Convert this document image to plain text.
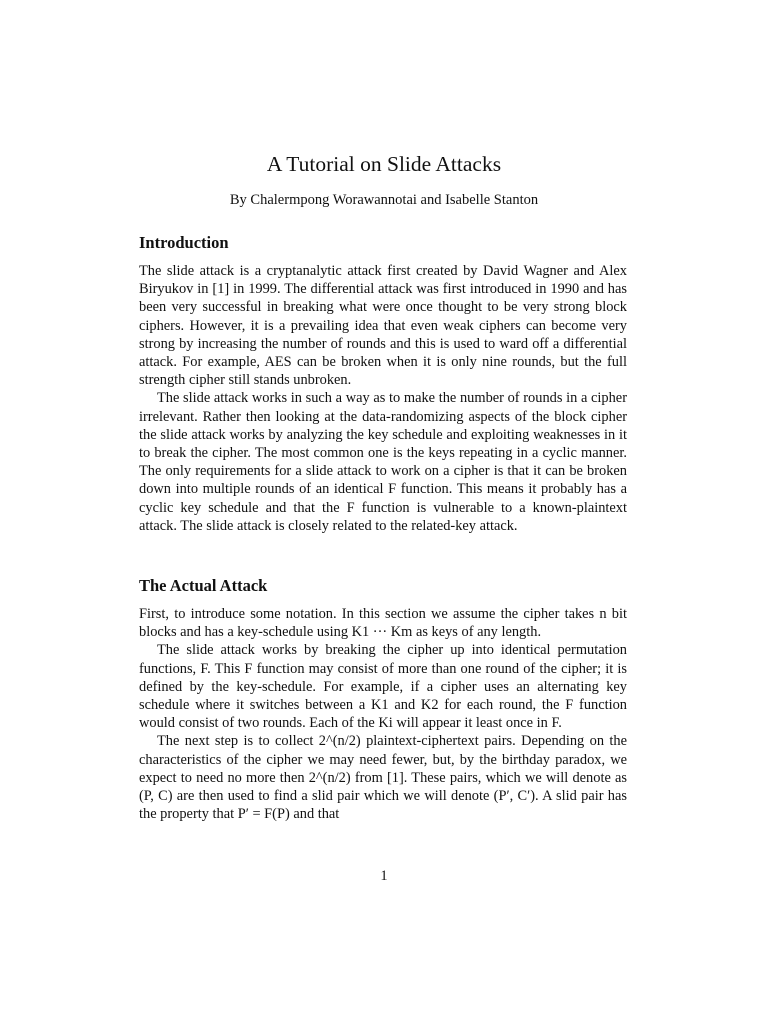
A Tutorial on Slide Attacks
By Chalermpong Worawannotai and Isabelle Stanton
Introduction

The slide attack is a cryptanalytic attack first created by David Wagner and Alex Biryukov in [1] in 1999. The differential attack was first introduced in 1990 and has been very successful in breaking what were once thought to be very strong block ciphers. However, it is a prevailing idea that even weak ciphers can become very strong by increasing the number of rounds and this is used to ward off a differential attack. For example, AES can be broken when it is only nine rounds, but the full strength cipher still stands unbroken.

The slide attack works in such a way as to make the number of rounds in a cipher irrelevant. Rather then looking at the data-randomizing aspects of the block cipher the slide attack works by analyzing the key schedule and exploiting weaknesses in it to break the cipher. The most common one is the keys repeating in a cyclic manner. The only requirements for a slide attack to work on a cipher is that it can be broken down into multiple rounds of an identical F function. This means it probably has a cyclic key schedule and that the F function is vulnerable to a known-plaintext attack. The slide attack is closely related to the related-key attack.

The Actual Attack

First, to introduce some notation. In this section we assume the cipher takes n bit blocks and has a key-schedule using K1 ··· Km as keys of any length.

The slide attack works by breaking the cipher up into identical permutation functions, F. This F function may consist of more than one round of the cipher; it is defined by the key-schedule. For example, if a cipher uses an alternating key schedule where it switches between a K1 and K2 for each round, the F function would consist of two rounds. Each of the Ki will appear it least once in F.

The next step is to collect 2^(n/2) plaintext-ciphertext pairs. Depending on the characteristics of the cipher we may need fewer, but, by the birthday paradox, we expect to need no more then 2^(n/2) from [1]. These pairs, which we will denote as (P, C) are then used to find a slid pair which we will denote (P′, C′). A slid pair has the property that P′ = F(P) and that

1
